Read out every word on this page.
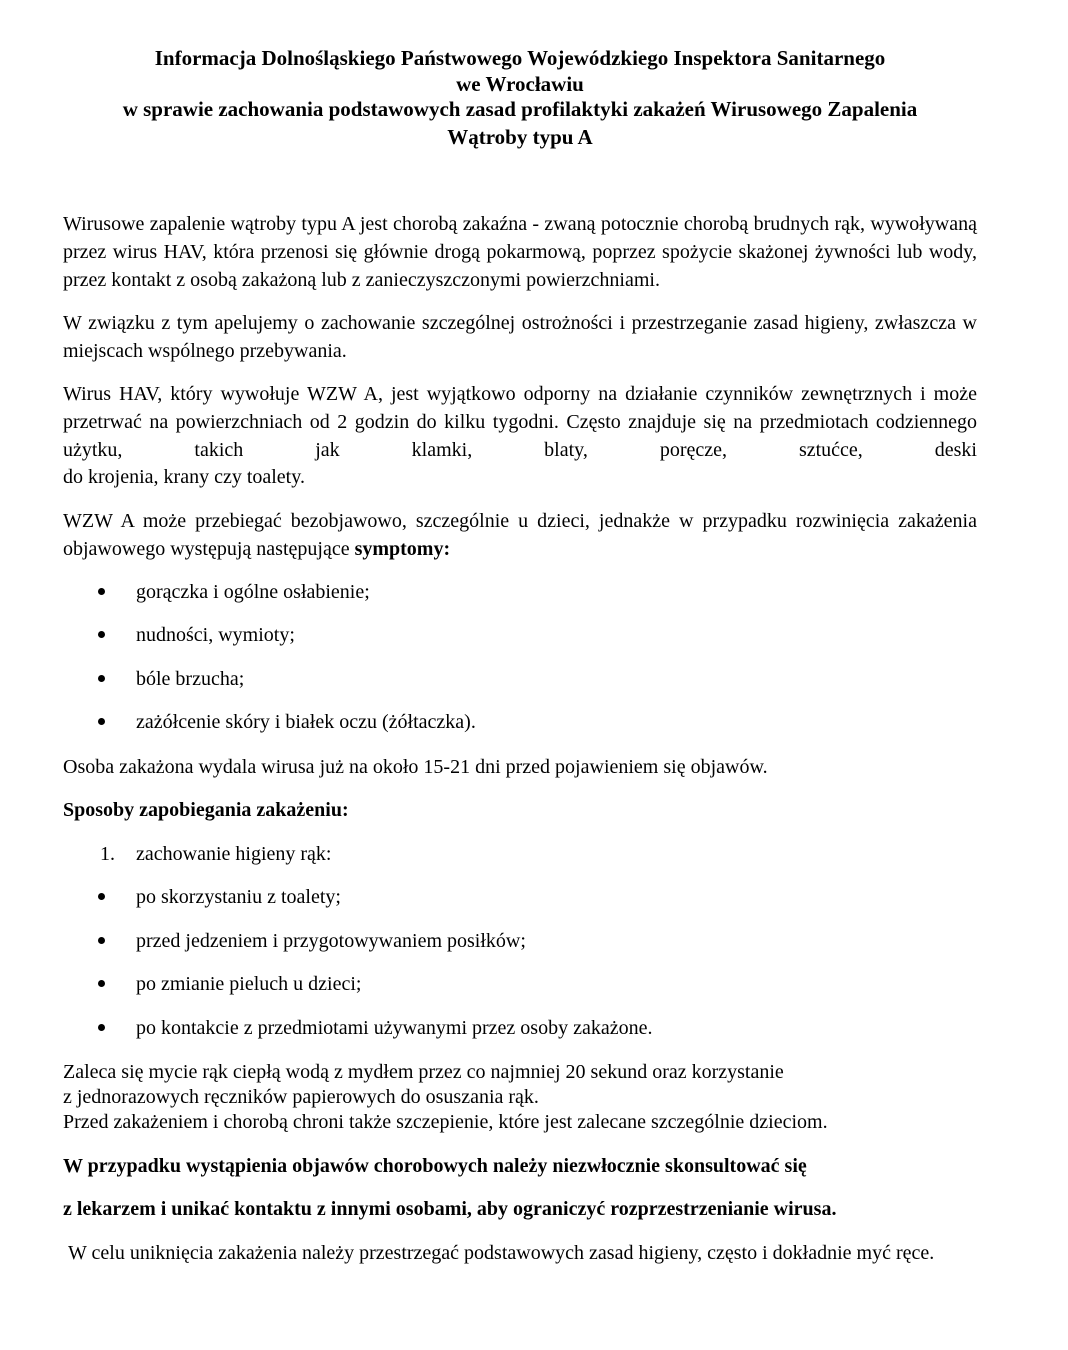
Informacja Dolnośląskiego Państwowego Wojewódzkiego Inspektora Sanitarnego
we Wrocławiu
w sprawie zachowania podstawowych zasad profilaktyki zakażeń Wirusowego Zapalenia
Wątroby typu A
Wirusowe zapalenie wątroby typu A jest chorobą zakaźna - zwaną potocznie chorobą brudnych rąk, wywoływaną przez wirus HAV, która przenosi się głównie drogą pokarmową, poprzez spożycie skażonej żywności lub wody, przez kontakt z osobą zakażoną lub z zanieczyszczonymi powierzchniami.
W związku z tym apelujemy o zachowanie szczególnej ostrożności i przestrzeganie zasad higieny, zwłaszcza w miejscach wspólnego przebywania.
Wirus HAV, który wywołuje WZW A, jest wyjątkowo odporny na działanie czynników zewnętrznych i może przetrwać na powierzchniach od 2 godzin do kilku tygodni. Często znajduje się na przedmiotach codziennego użytku, takich jak klamki, blaty, poręcze, sztućce, deski
do krojenia, krany czy toalety.
WZW A może przebiegać bezobjawowo, szczególnie u dzieci, jednakże w przypadku rozwinięcia zakażenia objawowego występują następujące symptomy:
gorączka i ogólne osłabienie;
nudności, wymioty;
bóle brzucha;
zażółcenie skóry i białek oczu (żółtaczka).
Osoba zakażona wydala wirusa już na około 15-21 dni przed pojawieniem się objawów.
Sposoby zapobiegania zakażeniu:
1. zachowanie higieny rąk:
po skorzystaniu z toalety;
przed jedzeniem i przygotowywaniem posiłków;
po zmianie pieluch u dzieci;
po kontakcie z przedmiotami używanymi przez osoby zakażone.
Zaleca się mycie rąk ciepłą wodą z mydłem przez co najmniej 20 sekund oraz korzystanie
z jednorazowych ręczników papierowych do osuszania rąk.
Przed zakażeniem i chorobą chroni także szczepienie, które jest zalecane szczególnie dzieciom.
W przypadku wystąpienia objawów chorobowych należy niezwłocznie skonsultować się
z lekarzem i unikać kontaktu z innymi osobami, aby ograniczyć rozprzestrzenianie wirusa.
W celu uniknięcia zakażenia należy przestrzegać podstawowych zasad higieny, często i dokładnie myć ręce.
